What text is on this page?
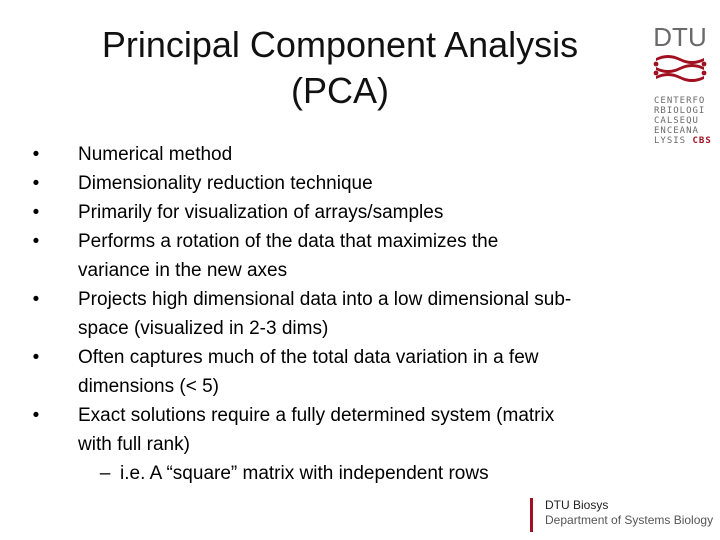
Principal Component Analysis
(PCA)
DTU
CENTERFO
RBIOLOGI
CALSEQU
ENCEANA
LYSIS CBS
• Numerical method
• Dimensionality reduction technique
• Primarily for visualization of arrays/samples
• Performs a rotation of the data that maximizes the
variance in the new axes
• Projects high dimensional data into a low dimensional sub-
space (visualized in 2-3 dims)
• Often captures much of the total data variation in a few
dimensions (< 5)
• Exact solutions require a fully determined system (matrix
with full rank)
– i.e. A “square” matrix with independent rows
DTU Biosys
Department of Systems Biology
